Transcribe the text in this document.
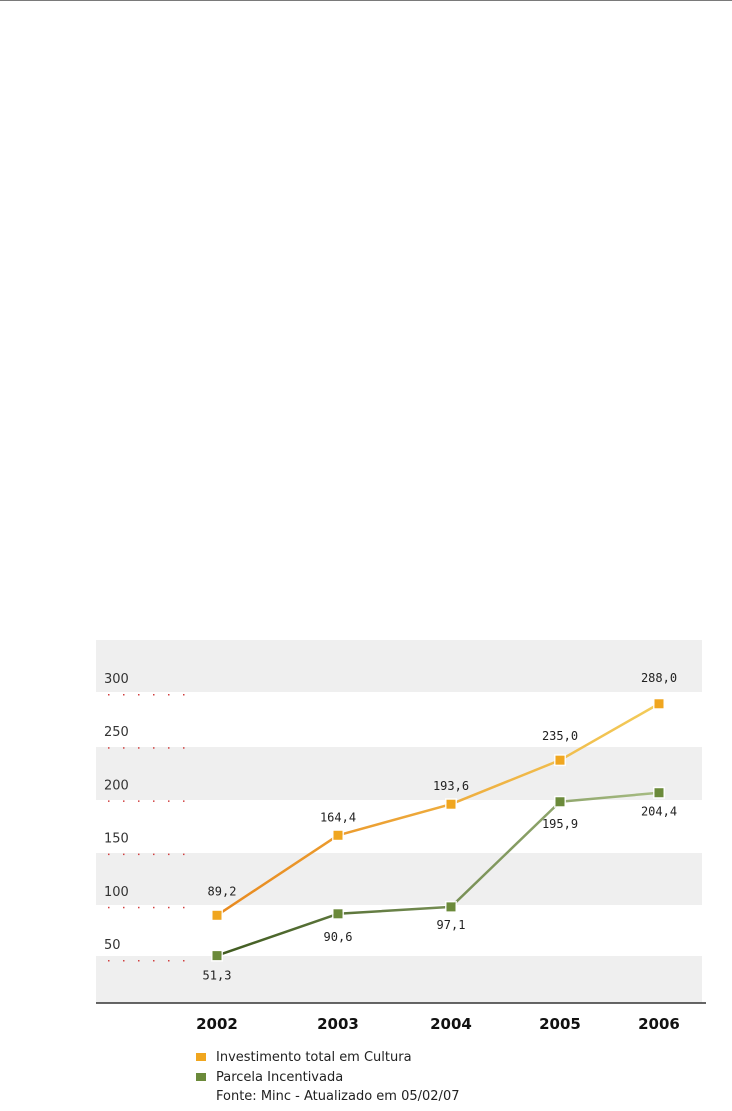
50
100
150
200
250
300
2002	2003	2004	2005	2006
89,2
164,4
193,6
235,0
288,0
51,3
90,6
97,1
195,9
204,4
Investimento total em Cultura
Parcela Incentivada
Fonte: Minc - Atualizado em 05/02/07
